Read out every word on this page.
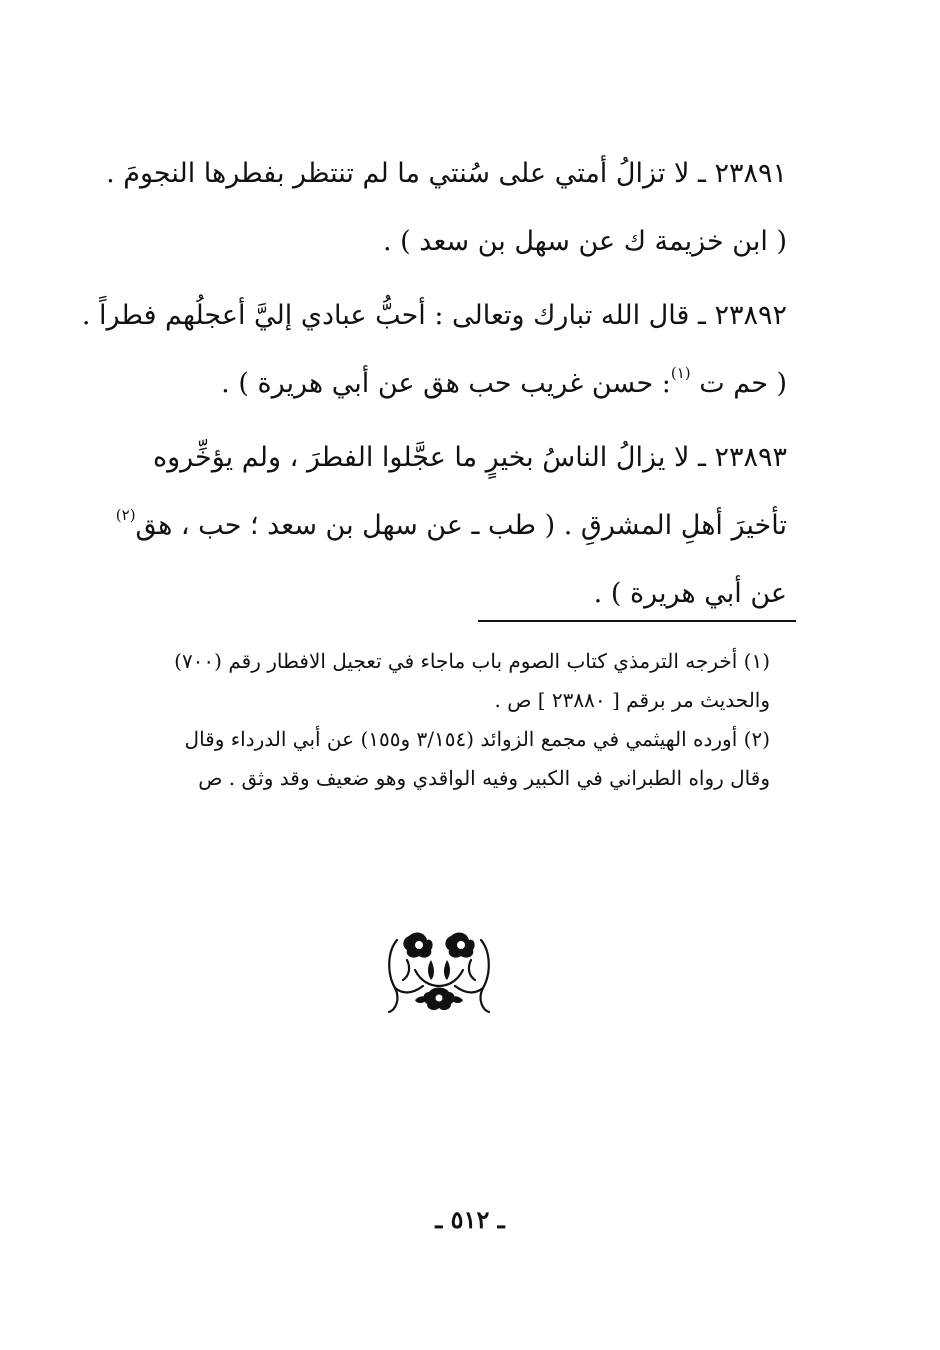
٢٣٨٩١ ـ لا تزالُ أمتي على سُنتي ما لم تنتظر بفطرها النجومَ .
( ابن خزيمة ك عن سهل بن سعد ) .
٢٣٨٩٢ ـ قال الله تبارك وتعالى : أحبُّ عبادي إليَّ أعجلُهم فطراً .
( حم ت $^{(١)}$: حسن غريب حب هق عن أبي هريرة ) .
٢٣٨٩٣ ـ لا يزالُ الناسُ بخيرٍ ما عجَّلوا الفطرَ ، ولم يؤخِّروه
تأخيرَ أهلِ المشرقِ . ( طب ـ عن سهل بن سعد ؛ حب ، هق$^{(٢)}$
عن أبي هريرة ) .
(١) أخرجه الترمذي كتاب الصوم باب ماجاء في تعجيل الافطار رقم (٧٠٠)
والحديث مر برقم [ ٢٣٨٨٠ ] ص .
(٢) أورده الهيثمي في مجمع الزوائد (٣/١٥٤ و١٥٥) عن أبي الدرداء وقال
وقال رواه الطبراني في الكبير وفيه الواقدي وهو ضعيف وقد وثق . ص
ـ ٥١٢ ـ
